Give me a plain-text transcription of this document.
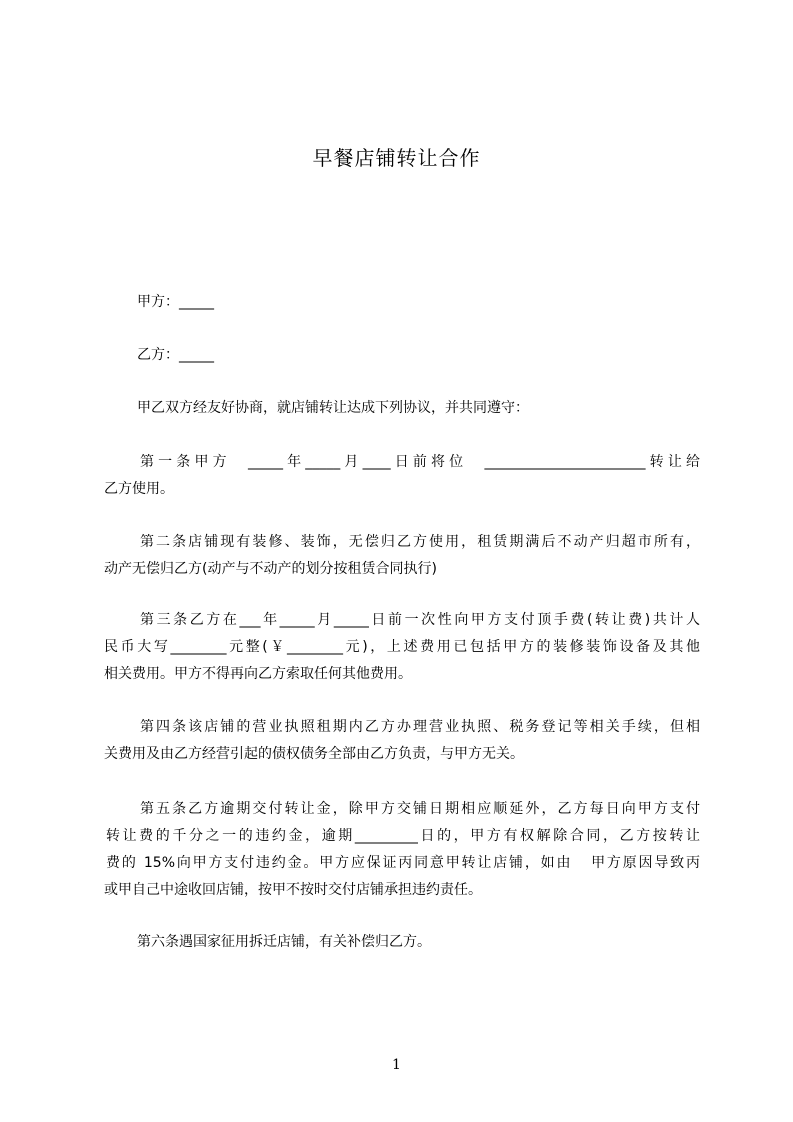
早餐店铺转让合作
甲方：_____
乙方：_____
甲乙双方经友好协商，就店铺转让达成下列协议，并共同遵守：
第一条甲方  _____年_____月____日前将位  _______________________转让给
乙方使用。
第二条店铺现有装修、装饰，无偿归乙方使用，租赁期满后不动产归超市所有，
动产无偿归乙方(动产与不动产的划分按租赁合同执行)
第三条乙方在___年_____月_____日前一次性向甲方支付顶手费(转让费)共计人
民币大写________元整(￥________元)，上述费用已包括甲方的装修装饰设备及其他
相关费用。甲方不得再向乙方索取任何其他费用。
第四条该店铺的营业执照租期内乙方办理营业执照、税务登记等相关手续，但相
关费用及由乙方经营引起的债权债务全部由乙方负责，与甲方无关。
第五条乙方逾期交付转让金，除甲方交铺日期相应顺延外，乙方每日向甲方支付
转让费的千分之一的违约金，逾期_________日的，甲方有权解除合同，乙方按转让
费的 15%向甲方支付违约金。甲方应保证丙同意甲转让店铺，如由   甲方原因导致丙
或甲自己中途收回店铺，按甲不按时交付店铺承担违约责任。
第六条遇国家征用拆迁店铺，有关补偿归乙方。
1
